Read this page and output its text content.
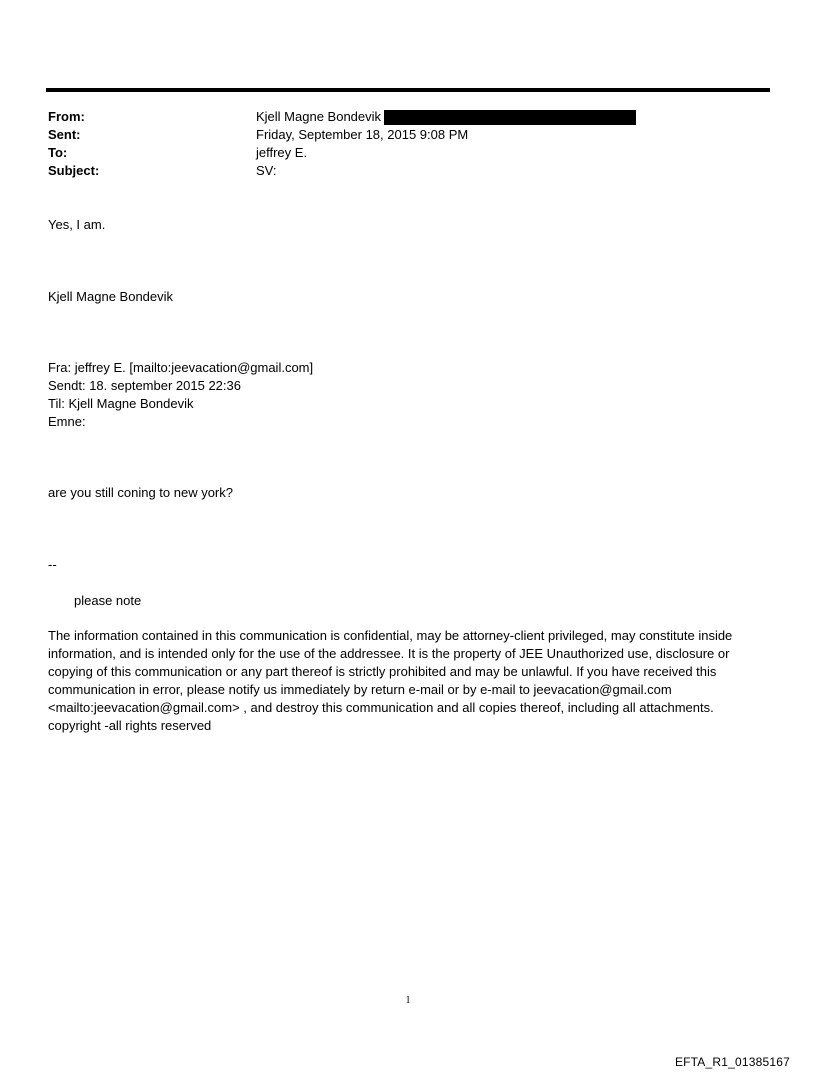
From:	Kjell Magne Bondevik
Sent:	Friday, September 18, 2015 9:08 PM
To:	jeffrey E.
Subject:	SV:
Yes, I am.
Kjell Magne Bondevik
Fra: jeffrey E. [mailto:jeevacation@gmail.com]
Sendt: 18. september 2015 22:36
Til: Kjell Magne Bondevik
Emne:
are you still coning to new york?
--
please note
The information contained in this communication is confidential, may be attorney-client privileged, may constitute inside information, and is intended only for the use of the addressee. It is the property of JEE Unauthorized use, disclosure or copying of this communication or any part thereof is strictly prohibited and may be unlawful. If you have received this communication in error, please notify us immediately by return e-mail or by e-mail to jeevacation@gmail.com <mailto:jeevacation@gmail.com> , and destroy this communication and all copies thereof, including all attachments. copyright -all rights reserved
1
EFTA_R1_01385167
